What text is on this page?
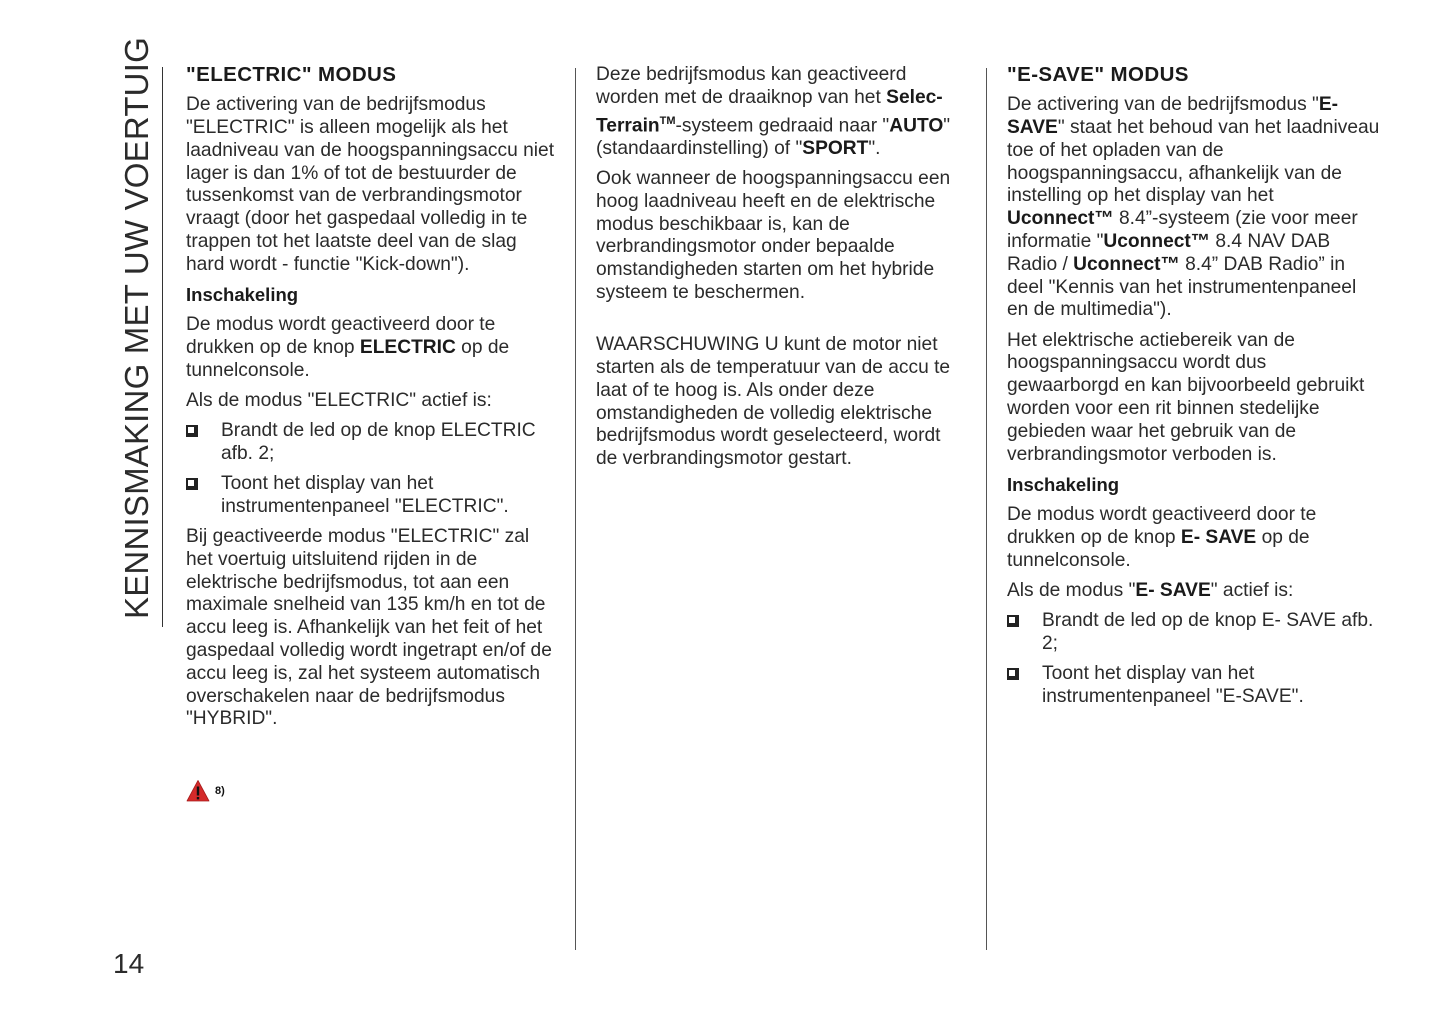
KENNISMAKING MET UW VOERTUIG "ELECTRIC" MODUS

De activering van de bedrijfsmodus "ELECTRIC" is alleen mogelijk als het laadniveau van de hoogspanningsaccu niet lager is dan 1% of tot de bestuurder de tussenkomst van de verbrandingsmotor vraagt (door het gaspedaal volledig in te trappen tot het laatste deel van de slag hard wordt - functie "Kick-down").

Inschakeling

De modus wordt geactiveerd door te drukken op de knop ELECTRIC op de tunnelconsole.

Als de modus "ELECTRIC" actief is:

Brandt de led op de knop ELECTRIC afb. 2;
Toont het display van het instrumentenpaneel "ELECTRIC".

Bij geactiveerde modus "ELECTRIC" zal het voertuig uitsluitend rijden in de elektrische bedrijfsmodus, tot aan een maximale snelheid van 135 km/h en tot de accu leeg is. Afhankelijk van het feit of het gaspedaal volledig wordt ingetrapt en/of de accu leeg is, zal het systeem automatisch overschakelen naar de bedrijfsmodus "HYBRID".

8)

Deze bedrijfsmodus kan geactiveerd worden met de draaiknop van het Selec-Terrain™-systeem gedraaid naar "AUTO" (standaardinstelling) of "SPORT".

Ook wanneer de hoogspanningsaccu een hoog laadniveau heeft en de elektrische modus beschikbaar is, kan de verbrandingsmotor onder bepaalde omstandigheden starten om het hybride systeem te beschermen.

WAARSCHUWING U kunt de motor niet starten als de temperatuur van de accu te laat of te hoog is. Als onder deze omstandigheden de volledig elektrische bedrijfsmodus wordt geselecteerd, wordt de verbrandingsmotor gestart.

"E-SAVE" MODUS

De activering van de bedrijfsmodus "E-SAVE" staat het behoud van het laadniveau toe of het opladen van de hoogspanningsaccu, afhankelijk van de instelling op het display van het Uconnect™ 8.4”-systeem (zie voor meer informatie "Uconnect™ 8.4 NAV DAB Radio / Uconnect™ 8.4” DAB Radio” in deel "Kennis van het instrumentenpaneel en de multimedia").

Het elektrische actiebereik van de hoogspanningsaccu wordt dus gewaarborgd en kan bijvoorbeeld gebruikt worden voor een rit binnen stedelijke gebieden waar het gebruik van de verbrandingsmotor verboden is.

Inschakeling

De modus wordt geactiveerd door te drukken op de knop E- SAVE op de tunnelconsole.

Als de modus "E- SAVE" actief is:

Brandt de led op de knop E- SAVE afb. 2;
Toont het display van het instrumentenpaneel "E-SAVE".
14
